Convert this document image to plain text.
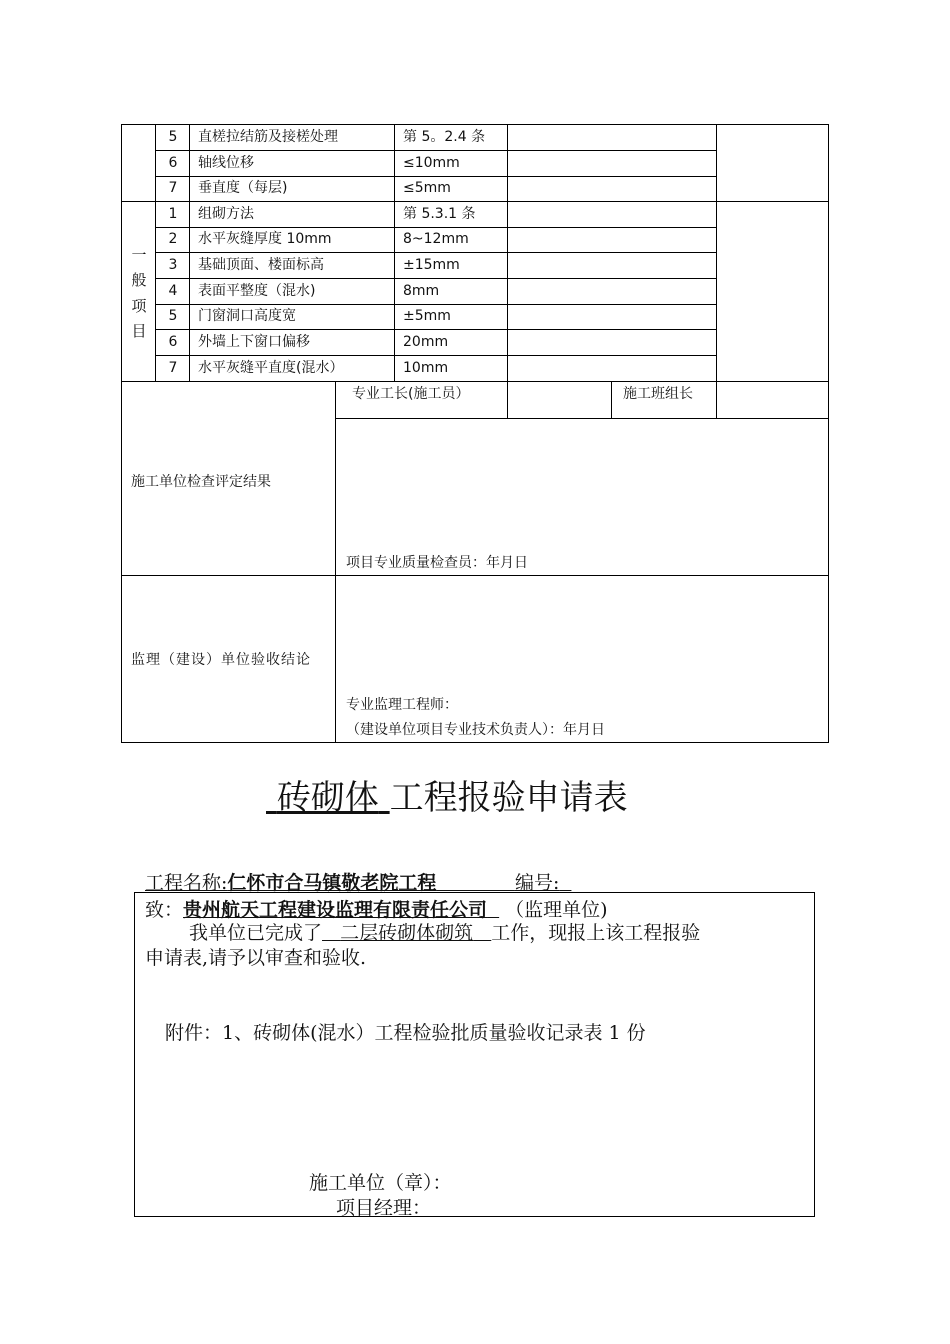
5	直槎拉结筋及接槎处理	第 5。2.4 条
6	轴线位移	≤10mm
7	垂直度（每层)	≤5mm
一
般
项
目
1	组砌方法	第 5.3.1 条
2	水平灰缝厚度 10mm	8~12mm
3	基础顶面、楼面标高	±15mm
4	表面平整度（混水)	8mm
5	门窗洞口高度宽	±5mm
6	外墙上下窗口偏移	20mm
7	水平灰缝平直度(混水）	10mm
专业工长(施工员）	施工班组长
施工单位检查评定结果
项目专业质量检查员：年月日
监理（建设）单位验收结论
专业监理工程师：
（建设单位项目专业技术负责人）：年月日
砖砌体 工程报验申请表
工程名称:仁怀市合马镇敬老院工程	编号:
致：贵州航天工程建设监理有限责任公司 （监理单位)
我单位已完成了 二层砖砌体砌筑 工作，现报上该工程报验
申请表,请予以审查和验收.
附件：1、砖砌体(混水）工程检验批质量验收记录表 1 份
施工单位（章）：
项目经理：
